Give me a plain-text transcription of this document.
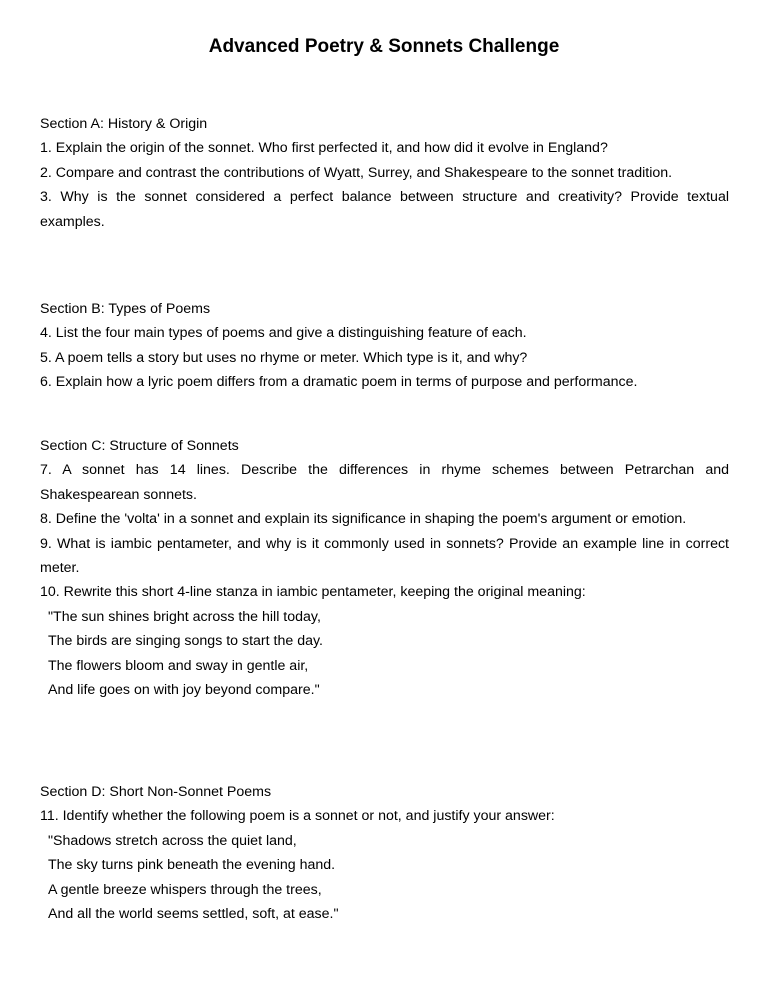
Advanced Poetry & Sonnets Challenge

Section A: History & Origin

1. Explain the origin of the sonnet. Who first perfected it, and how did it evolve in England?

2. Compare and contrast the contributions of Wyatt, Surrey, and Shakespeare to the sonnet tradition.

3. Why is the sonnet considered a perfect balance between structure and creativity? Provide textual examples.

Section B: Types of Poems

4. List the four main types of poems and give a distinguishing feature of each.

5. A poem tells a story but uses no rhyme or meter. Which type is it, and why?

6. Explain how a lyric poem differs from a dramatic poem in terms of purpose and performance.

Section C: Structure of Sonnets

7. A sonnet has 14 lines. Describe the differences in rhyme schemes between Petrarchan and Shakespearean sonnets.

8. Define the 'volta' in a sonnet and explain its significance in shaping the poem's argument or emotion.

9. What is iambic pentameter, and why is it commonly used in sonnets? Provide an example line in correct meter.

10. Rewrite this short 4-line stanza in iambic pentameter, keeping the original meaning:

"The sun shines bright across the hill today,

The birds are singing songs to start the day.

The flowers bloom and sway in gentle air,

And life goes on with joy beyond compare."

Section D: Short Non-Sonnet Poems

11. Identify whether the following poem is a sonnet or not, and justify your answer:

"Shadows stretch across the quiet land,

The sky turns pink beneath the evening hand.

A gentle breeze whispers through the trees,

And all the world seems settled, soft, at ease."
